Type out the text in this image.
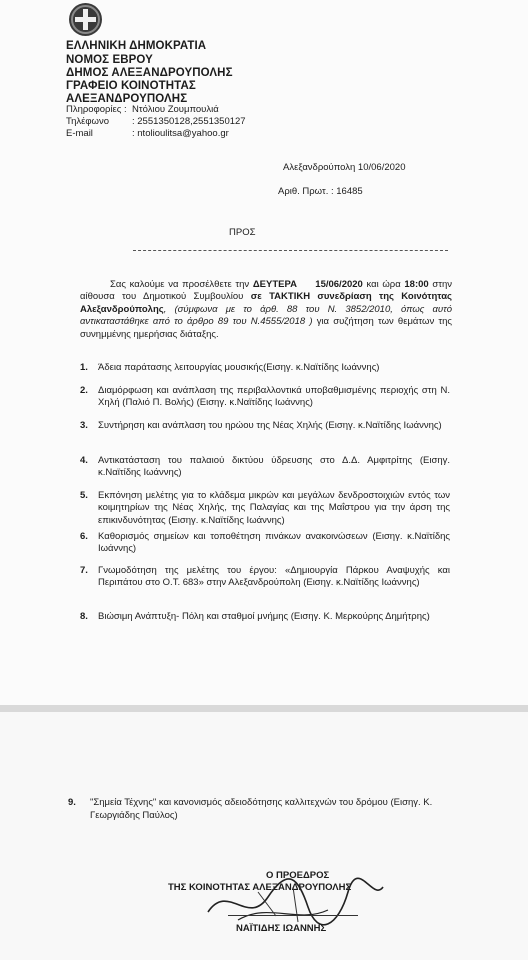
ΕΛΛΗΝΙΚΗ ΔΗΜΟΚΡΑΤΙΑ
ΝΟΜΟΣ ΕΒΡΟΥ
ΔΗΜΟΣ ΑΛΕΞΑΝΔΡΟΥΠΟΛΗΣ
ΓΡΑΦΕΙΟ ΚΟΙΝΟΤΗΤΑΣ
ΑΛΕΞΑΝΔΡΟΥΠΟΛΗΣ
Πληροφορίες : Ντόλιου Ζουμπουλιά
Τηλέφωνο : 2551350128,2551350127
E-mail	: ntolioulitsa@yahoo.gr
Αλεξανδρούπολη 10/06/2020
Αριθ. Πρωτ. : 16485
ΠΡΟΣ
Σας καλούμε να προσέλθετε την ΔΕΥΤΕΡΑ 15/06/2020 και ώρα 18:00 στην αίθουσα του Δημοτικού Συμβουλίου σε ΤΑΚΤΙΚΗ συνεδρίαση της Κοινότητας Αλεξανδρούπολης, (σύμφωνα με το άρθ. 88 του Ν. 3852/2010, όπως αυτό αντικαταστάθηκε από το άρθρο 89 του Ν.4555/2018 ) για συζήτηση των θεμάτων της συνημμένης ημερήσιας διάταξης.
1. Άδεια παράτασης λειτουργίας μουσικής(Εισηγ. κ.Ναϊτίδης Ιωάννης)
2. Διαμόρφωση και ανάπλαση της περιβαλλοντικά υποβαθμισμένης περιοχής στη Ν. Χηλή (Παλιό Π. Βολής) (Εισηγ. κ.Ναϊτίδης Ιωάννης)
3. Συντήρηση και ανάπλαση του ηρώου της Νέας Χηλής (Εισηγ. κ.Ναϊτίδης Ιωάννης)
4. Αντικατάσταση του παλαιού δικτύου ύδρευσης στο Δ.Δ. Αμφιτρίτης (Εισηγ. κ.Ναϊτίδης Ιωάννης)
5. Εκπόνηση μελέτης για το κλάδεμα μικρών και μεγάλων δενδροστοιχιών εντός των κοιμητηρίων της Νέας Χηλής, της Παλαγίας και της Μαΐστρου για την άρση της επικινδυνότητας (Εισηγ. κ.Ναϊτίδης Ιωάννης)
6. Καθορισμός σημείων και τοποθέτηση πινάκων ανακοινώσεων (Εισηγ. κ.Ναϊτίδης Ιωάννης)
7. Γνωμοδότηση της μελέτης του έργου: «Δημιουργία Πάρκου Αναψυχής και Περιπάτου στο Ο.Τ. 683» στην Αλεξανδρούπολη (Εισηγ. κ.Ναϊτίδης Ιωάννης)
8. Βιώσιμη Ανάπτυξη- Πόλη και σταθμοί μνήμης (Εισηγ. Κ. Μερκούρης Δημήτρης)
9. "Σημεία Τέχνης" και κανονισμός αδειοδότησης καλλιτεχνών του δρόμου (Εισηγ. Κ. Γεωργιάδης Παύλος)
Ο ΠΡΟΕΔΡΟΣ
ΤΗΣ ΚΟΙΝΟΤΗΤΑΣ ΑΛΕΞΑΝΔΡΟΥΠΟΛΗΣ
ΝΑΪΤΙΔΗΣ ΙΩΑΝΝΗΣ
